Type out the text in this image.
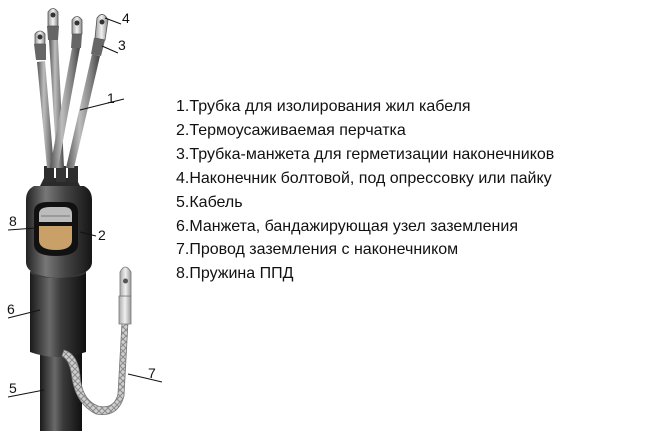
1
2
3
4
5
6
7
8
1.Трубка для изолирования жил кабеля
2.Термоусаживаемая перчатка
3.Трубка-манжета для герметизации наконечников
4.Наконечник болтовой, под опрессовку или пайку
5.Кабель
6.Манжета, бандажирующая узел заземления
7.Провод заземления с наконечником
8.Пружина ППД
